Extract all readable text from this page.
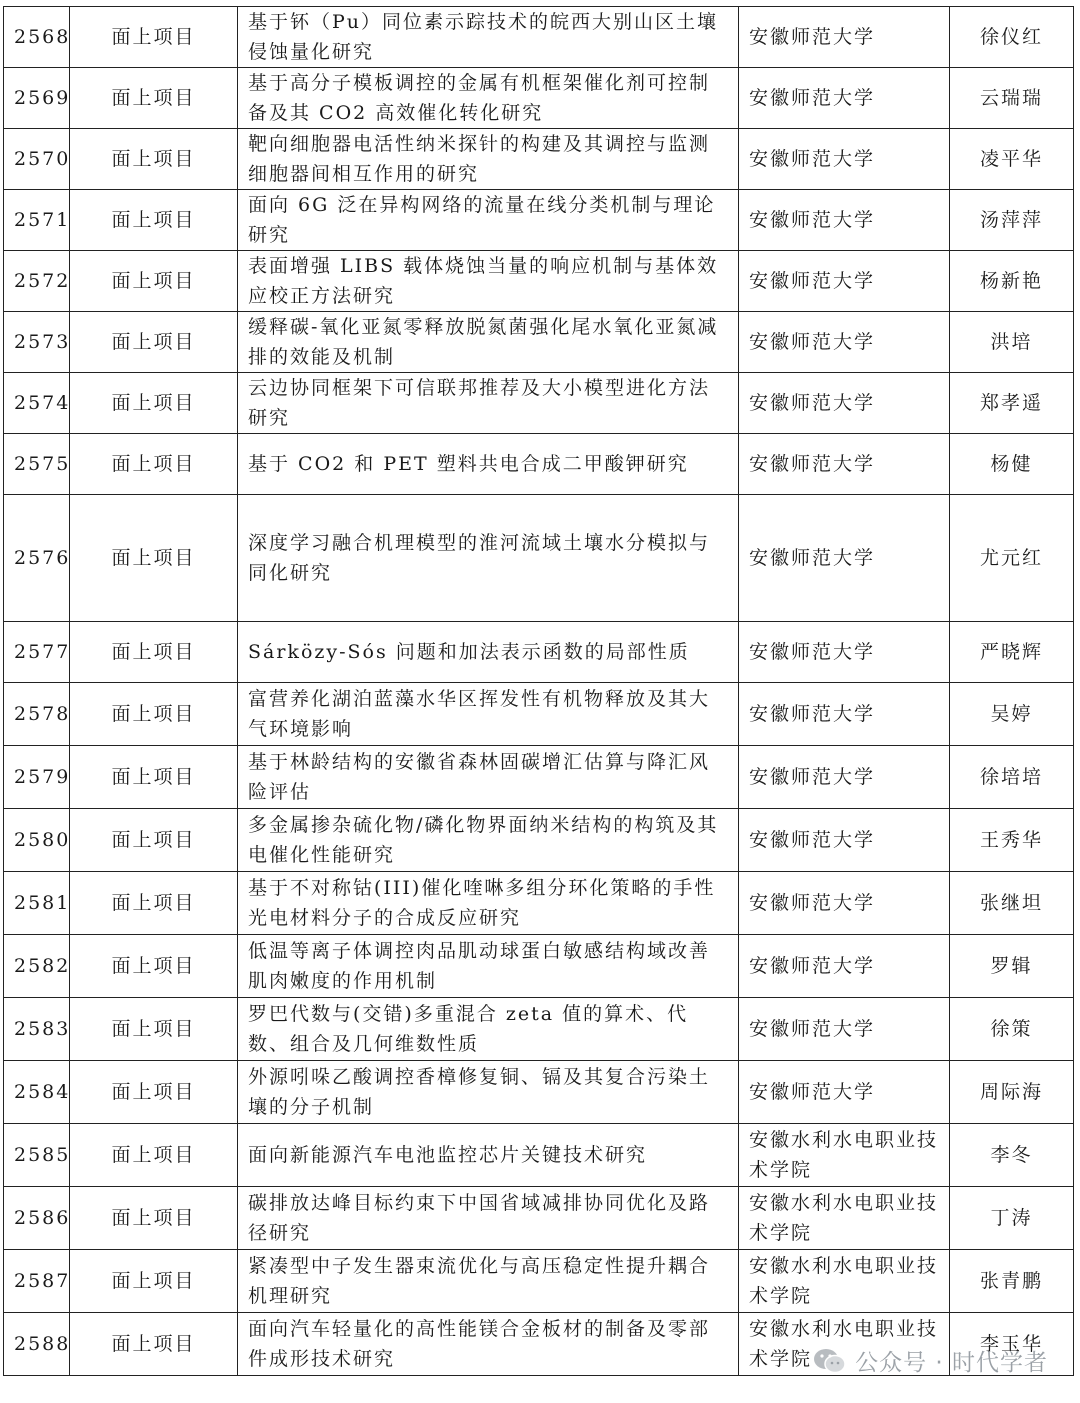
2568	面上项目	基于钚（Pu）同位素示踪技术的皖西大别山区土壤侵蚀量化研究	安徽师范大学	徐仪红
2569	面上项目	基于高分子模板调控的金属有机框架催化剂可控制备及其 CO2 高效催化转化研究	安徽师范大学	云瑞瑞
2570	面上项目	靶向细胞器电活性纳米探针的构建及其调控与监测细胞器间相互作用的研究	安徽师范大学	凌平华
2571	面上项目	面向 6G 泛在异构网络的流量在线分类机制与理论研究	安徽师范大学	汤萍萍
2572	面上项目	表面增强 LIBS 载体烧蚀当量的响应机制与基体效应校正方法研究	安徽师范大学	杨新艳
2573	面上项目	缓释碳-氧化亚氮零释放脱氮菌强化尾水氧化亚氮减排的效能及机制	安徽师范大学	洪培
2574	面上项目	云边协同框架下可信联邦推荐及大小模型进化方法研究	安徽师范大学	郑孝遥
2575	面上项目	基于 CO2 和 PET 塑料共电合成二甲酸钾研究	安徽师范大学	杨健
2576	面上项目	深度学习融合机理模型的淮河流域土壤水分模拟与同化研究	安徽师范大学	尤元红
2577	面上项目	Sárközy-Sós 问题和加法表示函数的局部性质	安徽师范大学	严晓辉
2578	面上项目	富营养化湖泊蓝藻水华区挥发性有机物释放及其大气环境影响	安徽师范大学	吴婷
2579	面上项目	基于林龄结构的安徽省森林固碳增汇估算与降汇风险评估	安徽师范大学	徐培培
2580	面上项目	多金属掺杂硫化物/磷化物界面纳米结构的构筑及其电催化性能研究	安徽师范大学	王秀华
2581	面上项目	基于不对称钴(III)催化喹啉多组分环化策略的手性光电材料分子的合成反应研究	安徽师范大学	张继坦
2582	面上项目	低温等离子体调控肉品肌动球蛋白敏感结构域改善肌肉嫩度的作用机制	安徽师范大学	罗辑
2583	面上项目	罗巴代数与(交错)多重混合 zeta 值的算术、代数、组合及几何维数性质	安徽师范大学	徐策
2584	面上项目	外源吲哚乙酸调控香樟修复铜、镉及其复合污染土壤的分子机制	安徽师范大学	周际海
2585	面上项目	面向新能源汽车电池监控芯片关键技术研究	安徽水利水电职业技术学院	李冬
2586	面上项目	碳排放达峰目标约束下中国省域减排协同优化及路径研究	安徽水利水电职业技术学院	丁涛
2587	面上项目	紧凑型中子发生器束流优化与高压稳定性提升耦合机理研究	安徽水利水电职业技术学院	张青鹏
2588	面上项目	面向汽车轻量化的高性能镁合金板材的制备及零部件成形技术研究	安徽水利水电职业技术学院	李玉华
公众号 · 时代学者
